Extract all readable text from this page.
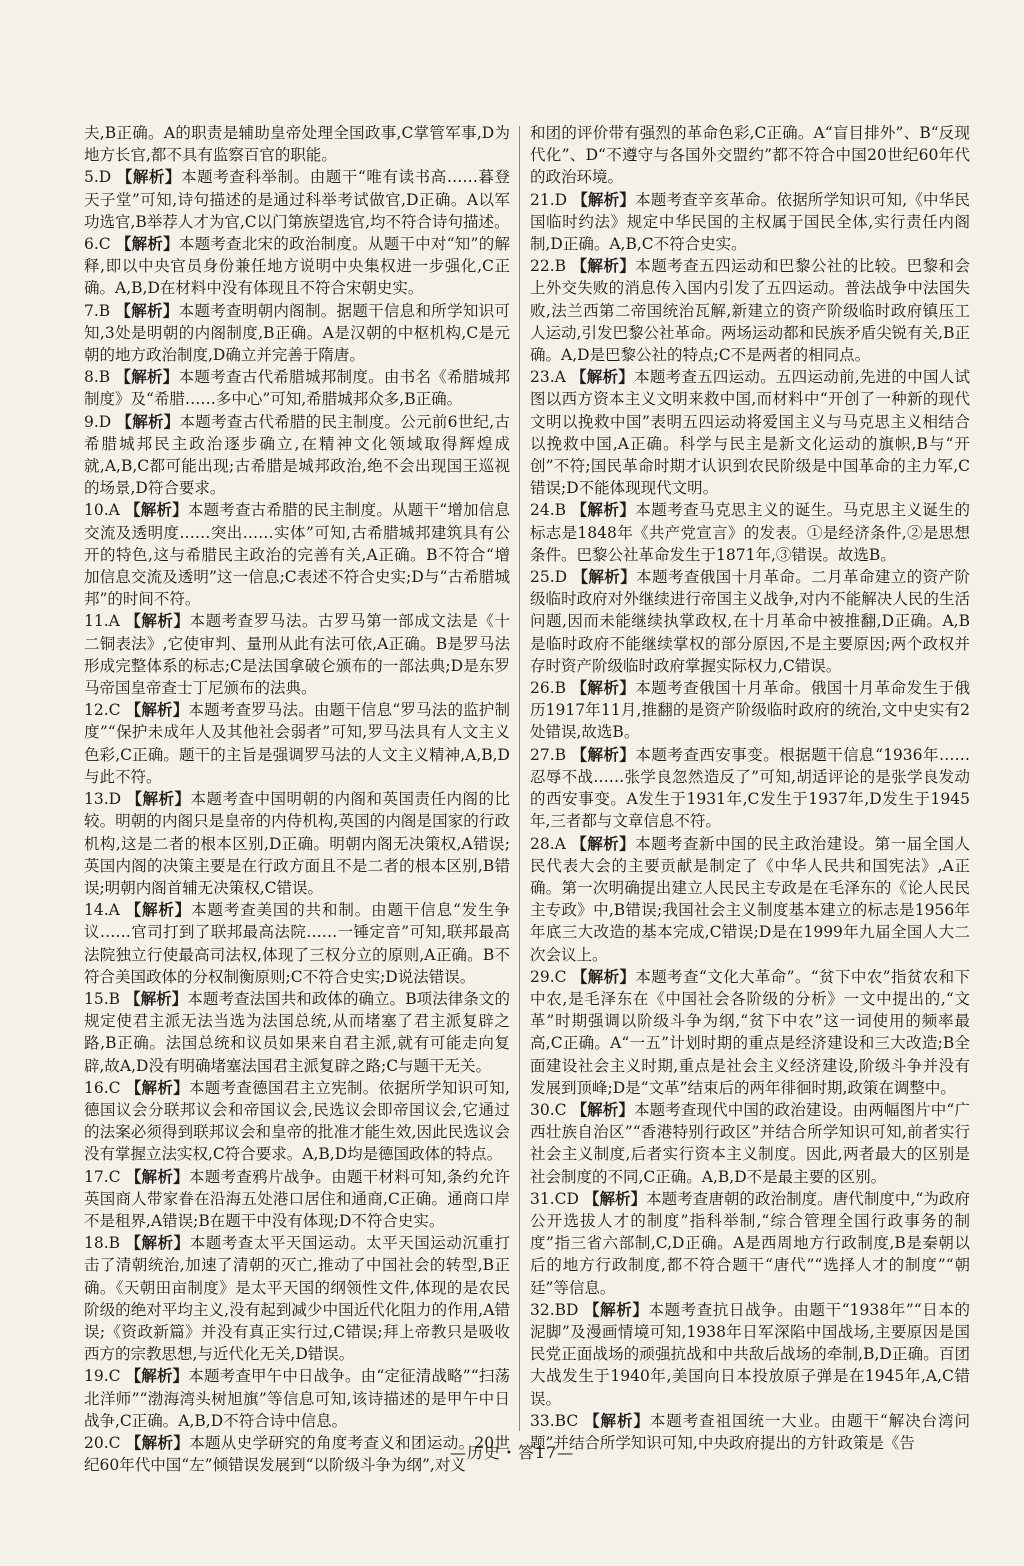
夫,B正确。A的职责是辅助皇帝处理全国政事,C掌管军事,D为地方长官,都不具有监察百官的职能。
5.D 【解析】本题考查科举制。由题干“唯有读书高……暮登天子堂”可知,诗句描述的是通过科举考试做官,D正确。A以军功选官,B举荐人才为官,C以门第族望选官,均不符合诗句描述。
6.C 【解析】本题考查北宋的政治制度。从题干中对“知”的解释,即以中央官员身份兼任地方说明中央集权进一步强化,C正确。A,B,D在材料中没有体现且不符合宋朝史实。
7.B 【解析】本题考查明朝内阁制。据题干信息和所学知识可知,3处是明朝的内阁制度,B正确。A是汉朝的中枢机构,C是元朝的地方政治制度,D确立并完善于隋唐。
8.B 【解析】本题考查古代希腊城邦制度。由书名《希腊城邦制度》及“希腊……多中心”可知,希腊城邦众多,B正确。
9.D 【解析】本题考查古代希腊的民主制度。公元前6世纪,古希腊城邦民主政治逐步确立,在精神文化领域取得辉煌成就,A,B,C都可能出现;古希腊是城邦政治,绝不会出现国王巡视的场景,D符合要求。
10.A 【解析】本题考查古希腊的民主制度。从题干“增加信息交流及透明度……突出……实体”可知,古希腊城邦建筑具有公开的特色,这与希腊民主政治的完善有关,A正确。B不符合“增加信息交流及透明”这一信息;C表述不符合史实;D与“古希腊城邦”的时间不符。
11.A 【解析】本题考查罗马法。古罗马第一部成文法是《十二铜表法》,它使审判、量刑从此有法可依,A正确。B是罗马法形成完整体系的标志;C是法国拿破仑颁布的一部法典;D是东罗马帝国皇帝查士丁尼颁布的法典。
12.C 【解析】本题考查罗马法。由题干信息“罗马法的监护制度”“保护未成年人及其他社会弱者”可知,罗马法具有人文主义色彩,C正确。题干的主旨是强调罗马法的人文主义精神,A,B,D与此不符。
13.D 【解析】本题考查中国明朝的内阁和英国责任内阁的比较。明朝的内阁只是皇帝的内侍机构,英国的内阁是国家的行政机构,这是二者的根本区别,D正确。明朝内阁无决策权,A错误;英国内阁的决策主要是在行政方面且不是二者的根本区别,B错误;明朝内阁首辅无决策权,C错误。
14.A 【解析】本题考查美国的共和制。由题干信息“发生争议……官司打到了联邦最高法院……一锤定音”可知,联邦最高法院独立行使最高司法权,体现了三权分立的原则,A正确。B不符合美国政体的分权制衡原则;C不符合史实;D说法错误。
15.B 【解析】本题考查法国共和政体的确立。B项法律条文的规定使君主派无法当选为法国总统,从而堵塞了君主派复辟之路,B正确。法国总统和议员如果来自君主派,就有可能走向复辟,故A,D没有明确堵塞法国君主派复辟之路;C与题干无关。
16.C 【解析】本题考查德国君主立宪制。依据所学知识可知,德国议会分联邦议会和帝国议会,民选议会即帝国议会,它通过的法案必须得到联邦议会和皇帝的批准才能生效,因此民选议会没有掌握立法实权,C符合要求。A,B,D均是德国政体的特点。
17.C 【解析】本题考查鸦片战争。由题干材料可知,条约允许英国商人带家眷在沿海五处港口居住和通商,C正确。通商口岸不是租界,A错误;B在题干中没有体现;D不符合史实。
18.B 【解析】本题考查太平天国运动。太平天国运动沉重打击了清朝统治,加速了清朝的灭亡,推动了中国社会的转型,B正确。《天朝田亩制度》是太平天国的纲领性文件,体现的是农民阶级的绝对平均主义,没有起到减少中国近代化阻力的作用,A错误;《资政新篇》并没有真正实行过,C错误;拜上帝教只是吸收西方的宗教思想,与近代化无关,D错误。
19.C 【解析】本题考查甲午中日战争。由“定征清战略”“扫荡北洋师”“渤海湾头树旭旗”等信息可知,该诗描述的是甲午中日战争,C正确。A,B,D不符合诗中信息。
20.C 【解析】本题从史学研究的角度考查义和团运动。20世纪60年代中国“左”倾错误发展到“以阶级斗争为纲”,对义
和团的评价带有强烈的革命色彩,C正确。A“盲目排外”、B“反现代化”、D“不遵守与各国外交盟约”都不符合中国20世纪60年代的政治环境。
21.D 【解析】本题考查辛亥革命。依据所学知识可知,《中华民国临时约法》规定中华民国的主权属于国民全体,实行责任内阁制,D正确。A,B,C不符合史实。
22.B 【解析】本题考查五四运动和巴黎公社的比较。巴黎和会上外交失败的消息传入国内引发了五四运动。普法战争中法国失败,法兰西第二帝国统治瓦解,新建立的资产阶级临时政府镇压工人运动,引发巴黎公社革命。两场运动都和民族矛盾尖锐有关,B正确。A,D是巴黎公社的特点;C不是两者的相同点。
23.A 【解析】本题考查五四运动。五四运动前,先进的中国人试图以西方资本主义文明来救中国,而材料中“开创了一种新的现代文明以挽救中国”表明五四运动将爱国主义与马克思主义相结合以挽救中国,A正确。科学与民主是新文化运动的旗帜,B与“开创”不符;国民革命时期才认识到农民阶级是中国革命的主力军,C错误;D不能体现现代文明。
24.B 【解析】本题考查马克思主义的诞生。马克思主义诞生的标志是1848年《共产党宣言》的发表。①是经济条件,②是思想条件。巴黎公社革命发生于1871年,③错误。故选B。
25.D 【解析】本题考查俄国十月革命。二月革命建立的资产阶级临时政府对外继续进行帝国主义战争,对内不能解决人民的生活问题,因而未能继续执掌政权,在十月革命中被推翻,D正确。A,B是临时政府不能继续掌权的部分原因,不是主要原因;两个政权并存时资产阶级临时政府掌握实际权力,C错误。
26.B 【解析】本题考查俄国十月革命。俄国十月革命发生于俄历1917年11月,推翻的是资产阶级临时政府的统治,文中史实有2处错误,故选B。
27.B 【解析】本题考查西安事变。根据题干信息“1936年……忍辱不战……张学良忽然造反了”可知,胡适评论的是张学良发动的西安事变。A发生于1931年,C发生于1937年,D发生于1945年,三者都与文章信息不符。
28.A 【解析】本题考查新中国的民主政治建设。第一届全国人民代表大会的主要贡献是制定了《中华人民共和国宪法》,A正确。第一次明确提出建立人民民主专政是在毛泽东的《论人民民主专政》中,B错误;我国社会主义制度基本建立的标志是1956年年底三大改造的基本完成,C错误;D是在1999年九届全国人大二次会议上。
29.C 【解析】本题考查“文化大革命”。“贫下中农”指贫农和下中农,是毛泽东在《中国社会各阶级的分析》一文中提出的,“文革”时期强调以阶级斗争为纲,“贫下中农”这一词使用的频率最高,C正确。A“一五”计划时期的重点是经济建设和三大改造;B全面建设社会主义时期,重点是社会主义经济建设,阶级斗争并没有发展到顶峰;D是“文革”结束后的两年徘徊时期,政策在调整中。
30.C 【解析】本题考查现代中国的政治建设。由两幅图片中“广西壮族自治区”“香港特别行政区”并结合所学知识可知,前者实行社会主义制度,后者实行资本主义制度。因此,两者最大的区别是社会制度的不同,C正确。A,B,D不是最主要的区别。
31.CD 【解析】本题考查唐朝的政治制度。唐代制度中,“为政府公开选拔人才的制度”指科举制,“综合管理全国行政事务的制度”指三省六部制,C,D正确。A是西周地方行政制度,B是秦朝以后的地方行政制度,都不符合题干“唐代”“选择人才的制度”“朝廷”等信息。
32.BD 【解析】本题考查抗日战争。由题干“1938年”“日本的泥脚”及漫画情境可知,1938年日军深陷中国战场,主要原因是国民党正面战场的顽强抗战和中共敌后战场的牵制,B,D正确。百团大战发生于1940年,美国向日本投放原子弹是在1945年,A,C错误。
33.BC 【解析】本题考查祖国统一大业。由题干“解决台湾问题”并结合所学知识可知,中央政府提出的方针政策是《告
—历史・答17—
